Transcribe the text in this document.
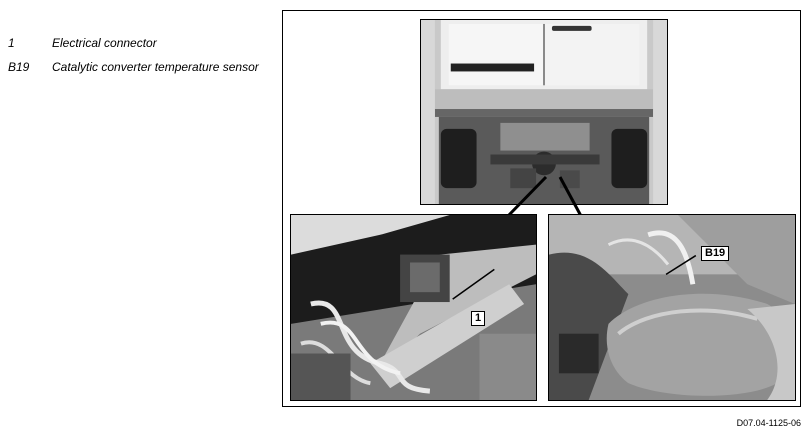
1	Electrical connector
B19	Catalytic converter temperature sensor
1
B19
D07.04-1125-06
